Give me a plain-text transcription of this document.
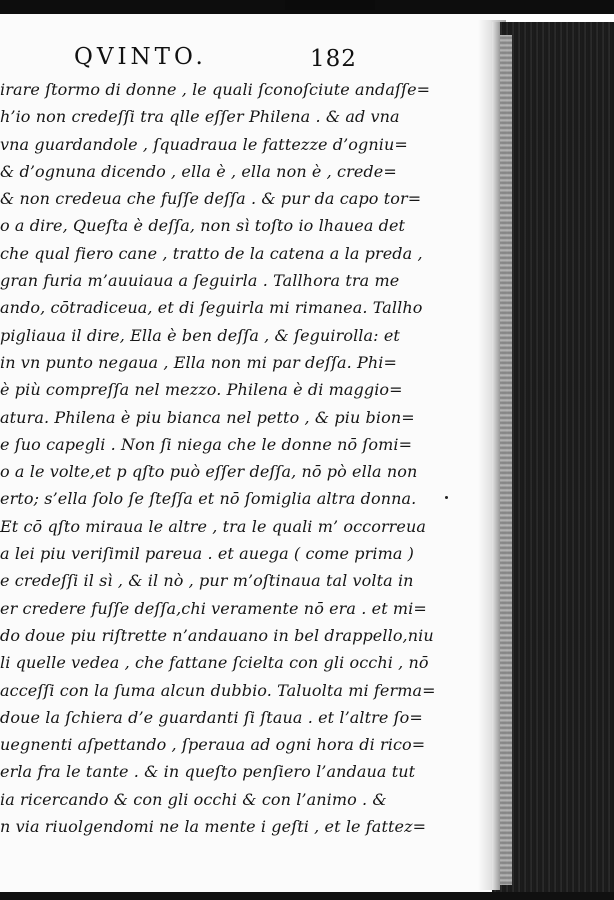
QVINTO.	182
irare ſtormo di donne , le quali ſconoſciute andaſſe=
h’io non credeſſi tra qlle eſſer Philena . & ad vna
vna guardandole , ſquadraua le fattezze d’ogniu=
& d’ognuna dicendo , ella è , ella non è , crede=
& non credeua che fuſſe deſſa . & pur da capo tor=
o a dire, Queſta è deſſa, non sì toſto io lhauea det
che qual fiero cane , tratto de la catena a la preda ,
gran furia m’auuiaua a ſeguirla . Tallhora tra me
ando, cōtradiceua, et di ſeguirla mi rimanea. Tallho
pigliaua il dire, Ella è ben deſſa , & ſeguirolla: et
in vn punto negaua , Ella non mi par deſſa. Phi=
è più compreſſa nel mezzo. Philena è di maggio=
atura. Philena è piu bianca nel petto , & piu bion=
e ſuo capegli . Non ſi niega che le donne nō ſomi=
o a le volte,et p qſto può eſſer deſſa, nō pò ella non
erto; s’ella ſolo ſe ſteſſa et nō ſomiglia altra donna.
Et cō qſto miraua le altre , tra le quali m’ occorreua
a lei piu veriſimil pareua . et auega ( come prima )
e credeſſi il sì , & il nò , pur m’oſtinaua tal volta in
er credere fuſſe deſſa,chi veramente nō era . et mi=
do doue piu riſtrette n’andauano in bel drappello,niu
li quelle vedea , che fattane ſcielta con gli occhi , nō
acceſſi con la ſuma alcun dubbio. Taluolta mi ferma=
doue la ſchiera d’e guardanti ſi ſtaua . et l’altre ſo=
uegnenti aſpettando , ſperaua ad ogni hora di rico=
erla fra le tante . & in queſto penſiero l’andaua tut
ia ricercando & con gli occhi & con l’animo . &
n via riuolgendomi ne la mente i geſti , et le fattez=
